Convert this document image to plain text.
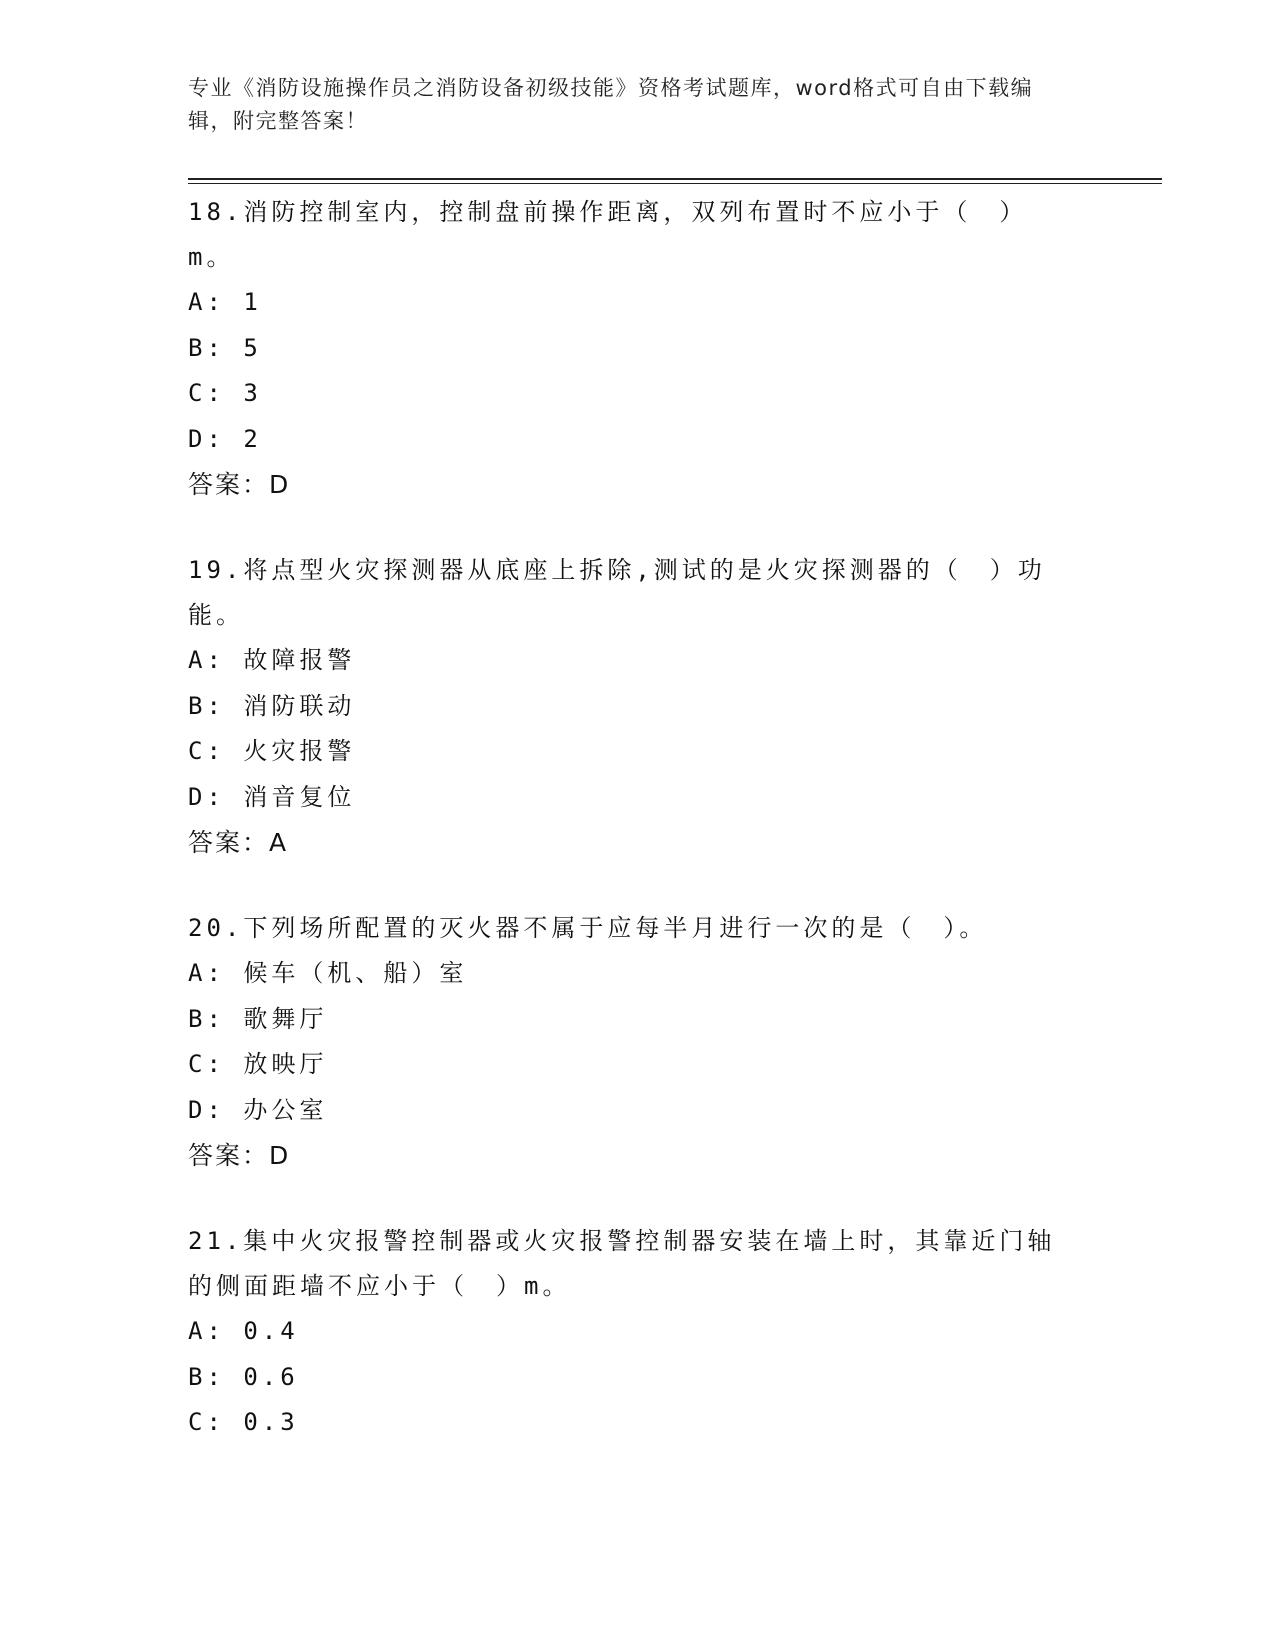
专业《消防设施操作员之消防设备初级技能》资格考试题库，word格式可自由下载编辑，附完整答案！

18.消防控制室内，控制盘前操作距离，双列布置时不应小于（　）m。

A: 1

B: 5

C: 3

D: 2

答案：D

19.将点型火灾探测器从底座上拆除,测试的是火灾探测器的（　）功能。

A: 故障报警

B: 消防联动

C: 火灾报警

D: 消音复位

答案：A

20.下列场所配置的灭火器不属于应每半月进行一次的是（　）。

A: 候车（机、船）室

B: 歌舞厅

C: 放映厅

D: 办公室

答案：D

21.集中火灾报警控制器或火灾报警控制器安装在墙上时，其靠近门轴的侧面距墙不应小于（　）m。

A: 0.4

B: 0.6

C: 0.3
